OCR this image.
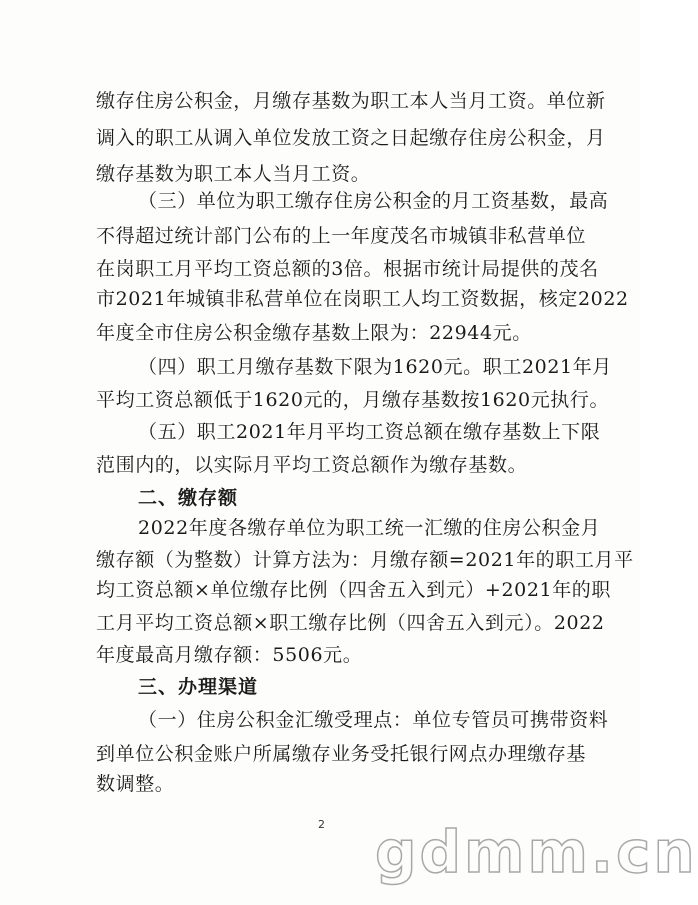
缴存住房公积金，月缴存基数为职工本人当月工资。单位新
调入的职工从调入单位发放工资之日起缴存住房公积金，月
缴存基数为职工本人当月工资。
（三）单位为职工缴存住房公积金的月工资基数，最高
不得超过统计部门公布的上一年度茂名市城镇非私营单位
在岗职工月平均工资总额的3倍。根据市统计局提供的茂名
市2021年城镇非私营单位在岗职工人均工资数据，核定2022
年度全市住房公积金缴存基数上限为：22944元。
（四）职工月缴存基数下限为1620元。职工2021年月
平均工资总额低于1620元的，月缴存基数按1620元执行。
（五）职工2021年月平均工资总额在缴存基数上下限
范围内的，以实际月平均工资总额作为缴存基数。
二、缴存额
2022年度各缴存单位为职工统一汇缴的住房公积金月
缴存额（为整数）计算方法为：月缴存额=2021年的职工月平
均工资总额×单位缴存比例（四舍五入到元）+2021年的职
工月平均工资总额×职工缴存比例（四舍五入到元）。2022
年度最高月缴存额：5506元。
三、办理渠道
（一）住房公积金汇缴受理点：单位专管员可携带资料
到单位公积金账户所属缴存业务受托银行网点办理缴存基
数调整。
2 gdmm.cn
